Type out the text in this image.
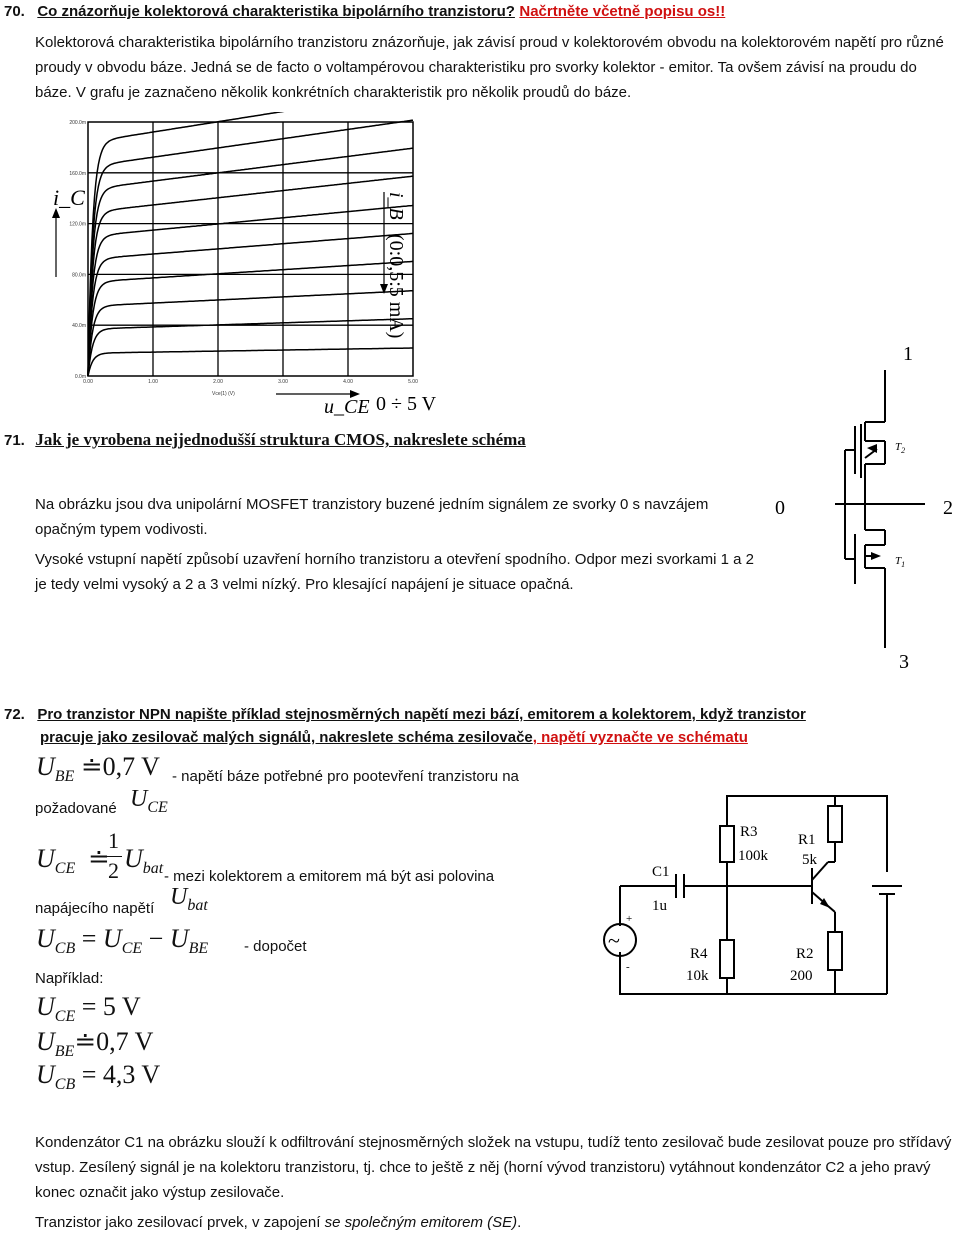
70. Co znázorňuje kolektorová charakteristika bipolárního tranzistoru? Načrtněte včetně popisu os!!
Kolektorová charakteristika bipolárního tranzistoru znázorňuje, jak závisí proud v kolektorovém obvodu na kolektorovém napětí pro různé proudy v obvodu báze. Jedná se de facto o voltampérovou charakteristiku pro svorky kolektor - emitor. Ta ovšem závisí na proudu do báze. V grafu je zaznačeno několik konkrétních charakteristik pro několik proudů do báze.
200.0m
160.0m
120.0m
80.0m
40.0m
0.0m
0.00	1.00	2.00	3.00	4.00	5.00
i_C	i_B
(0:0,5:5 mA)
Vce(1) (V)
u_CE 0 ÷ 5 V
1
0	2
3
$T_2$
$T_1$
71. Jak je vyrobena nejjednodušší struktura CMOS, nakreslete schéma
Na obrázku jsou dva unipolární MOSFET tranzistory buzené jedním signálem ze svorky 0 s navzájem opačným typem vodivosti.
Vysoké vstupní napětí způsobí uzavření horního tranzistoru a otevření spodního. Odpor mezi svorkami 1 a 2 je tedy velmi vysoký a 2 a 3 velmi nízký. Pro klesající napájení je situace opačná.
72. Pro tranzistor NPN napište příklad stejnosměrných napětí mezi bází, emitorem a kolektorem, když tranzistor
pracuje jako zesilovač malých signálů, nakreslete schéma zesilovače, napětí vyznačte ve schématu
$U_{BE}$ ≐0,7 V - napětí báze potřebné pro pootevření tranzistoru na
požadované $U_{CE}$
$U_{CE}$ ≐
1
2 $U_{bat}$ - mezi kolektorem a emitorem má být asi polovina
napájecího napětí $U_{bat}$
$U_{CB} = U_{CE} - U_{BE}$ - dopočet
Například:
$U_{CE} = 5$ V
$U_{BE}≐0,7$ V
$U_{CB} = 4,3$ V
~
+
-
R1
5k
R3
100k
C1
1u
R4
10k
R2
200
Kondenzátor C1 na obrázku slouží k odfiltrování stejnosměrných složek na vstupu, tudíž tento zesilovač bude zesilovat pouze pro střídavý vstup. Zesílený signál je na kolektoru tranzistoru, tj. chce to ještě z něj (horní vývod tranzistoru) vytáhnout kondenzátor C2 a jeho pravý konec označit jako výstup zesilovače.
Tranzistor jako zesilovací prvek, v zapojení se společným emitorem (SE).
